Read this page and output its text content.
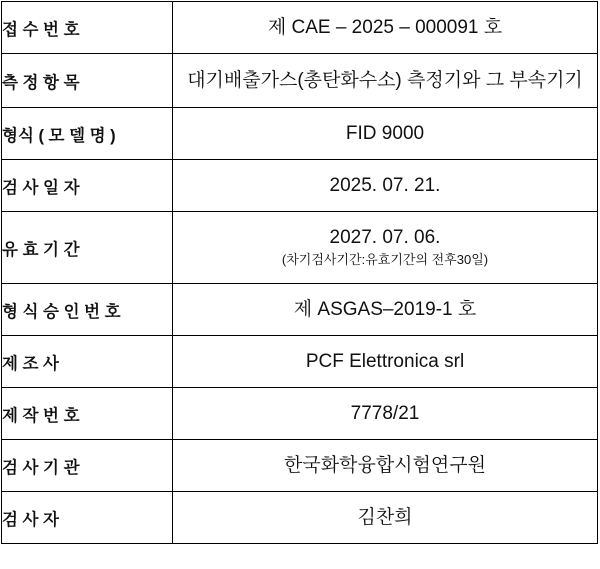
접 수 번 호	제 CAE – 2025 – 000091 호

측 정 항 목	대기배출가스(총탄화수소) 측정기와 그 부속기기

형식 ( 모 델 명 )	FID 9000

검 사 일 자	2025. 07. 21.

유 효 기 간	2027. 07. 06.
(차기검사기간:유효기간의 전후30일)

형 식 승 인 번 호	제 ASGAS–2019-1 호

제 조 사	PCF Elettronica srl

제 작 번 호	7778/21

검 사 기 관	한국화학융합시험연구원

검 사 자	김찬희
